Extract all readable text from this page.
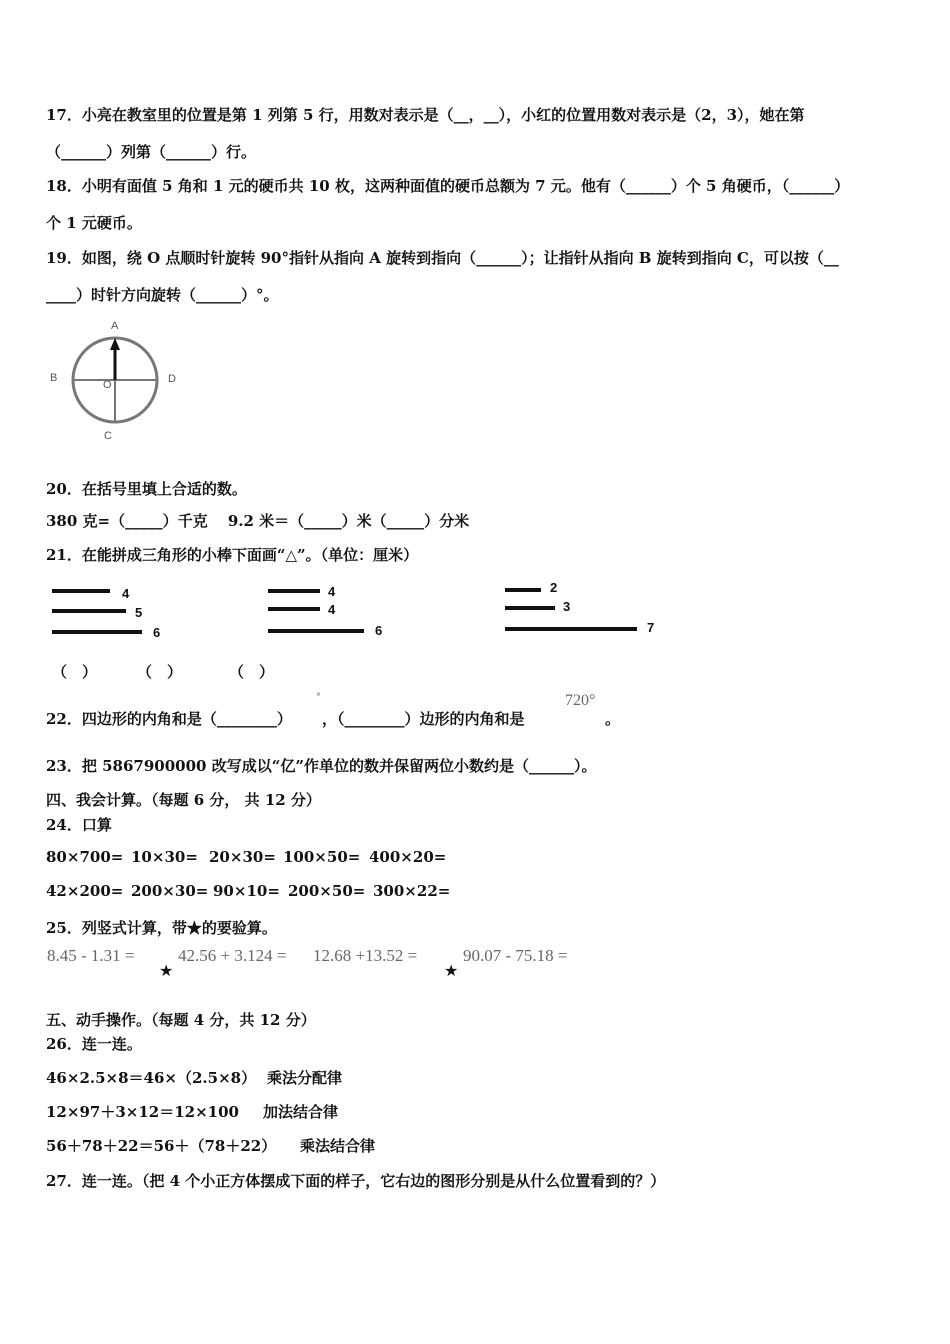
17．小亮在教室里的位置是第 1 列第 5 行，用数对表示是（__，__），小红的位置用数对表示是（2，3），她在第
（______）列第（______）行。
18．小明有面值 5 角和 1 元的硬币共 10 枚，这两种面值的硬币总额为 7 元。他有（______）个 5 角硬币，（______）
个 1 元硬币。
19．如图，绕 O 点顺时针旋转 90°指针从指向 A 旋转到指向（______）；让指针从指向 B 旋转到指向 C，可以按（__
____）时针方向旋转（______）°。
A
B	D
C
O
20．在括号里填上合适的数。
380 克=（_____）千克　 9.2 米＝（_____）米（_____）分米
21．在能拼成三角形的小棒下面画“△”。（单位：厘米）
4
5
6
4
4
6
2
3
7
（　）	（　）	（　）
22．四边形的内角和是（________）
°
，（________）边形的内角和是
720°
。
23．把 5867900000 改写成以“亿”作单位的数并保留两位小数约是（______）。
四、我会计算。（每题 6 分， 共 12 分）
24．口算
80×700= 10×30= 20×30= 100×50= 400×20=
42×200= 200×30= 90×10= 200×50= 300×22=
25．列竖式计算，带★的要验算。
8.45 - 1.31 =
★
42.56 + 3.124 = 12.68 +13.52 =
★
90.07 - 75.18 =
五、动手操作。（每题 4 分，共 12 分）
26．连一连。
46×2.5×8＝46×（2.5×8） 乘法分配律
12×97＋3×12＝12×100 加法结合律
56＋78＋22＝56＋（78＋22） 乘法结合律
27．连一连。（把 4 个小正方体摆成下面的样子，它右边的图形分别是从什么位置看到的？）
